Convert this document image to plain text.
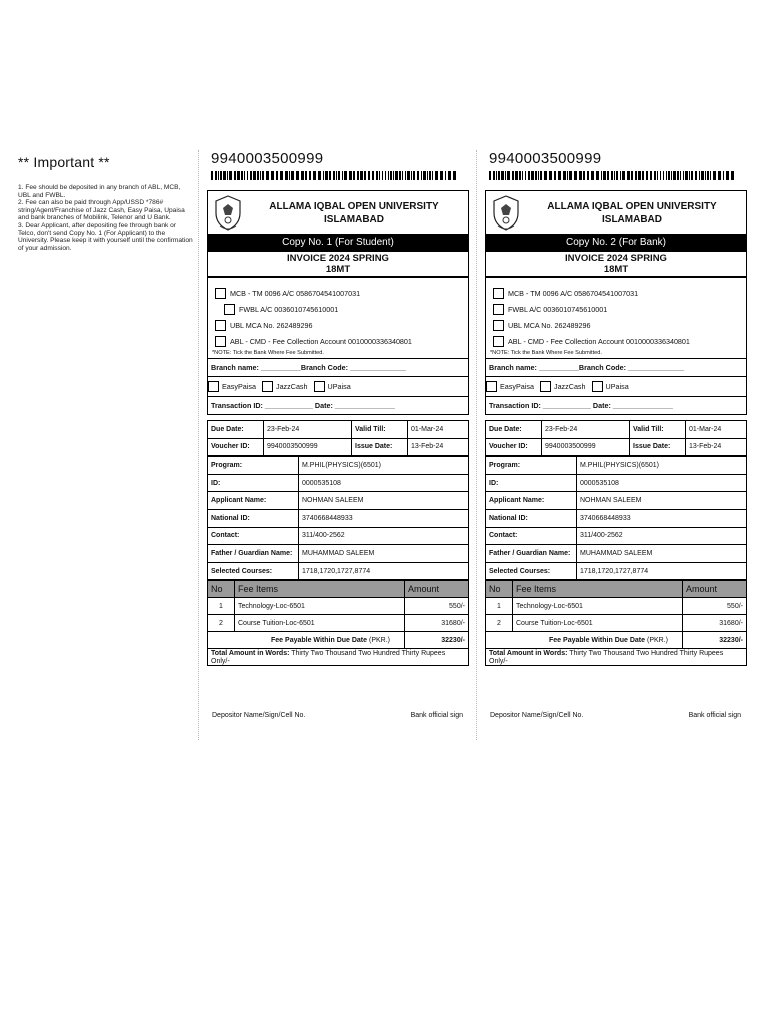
** Important **

1. Fee should be deposited in any branch of ABL, MCB, UBL and FWBL.

2. Fee can also be paid through App/USSD *786# string/Agent/Franchise of Jazz Cash, Easy Paisa, Upaisa and bank branches of Mobilink, Telenor and U Bank.

3. Dear Applicant, after depositing fee through bank or Telco, don't send Copy No. 1 (For Applicant) to the University. Please keep it with yourself until the confirmation of your admission.

9940003500999
ALLAMA IQBAL OPEN UNIVERSITY
ISLAMABAD
Copy No. 1 (For Student)
INVOICE 2024 SPRING
18MT
MCB - TM 0096 A/C 0586704541007031
FWBL A/C 0036010745610001
UBL MCA No. 262489296
ABL - CMD - Fee Collection Account 0010000336340801
*NOTE: Tick the Bank Where Fee Submitted.
Branch name: __________Branch Code: ______________
EasyPaisa	JazzCash	UPaisa
Transaction ID: ____________ Date: _______________
Due Date:	23-Feb-24	Valid Till:	01-Mar-24
Voucher ID:	9940003500999	Issue Date:	13-Feb-24
Program:	M.PHIL(PHYSICS)(6501)
ID:	0000535108
Applicant Name:	NOHMAN SALEEM
National ID:	3740668448933
Contact:	311/400-2562
Father / Guardian Name:	MUHAMMAD SALEEM
Selected Courses:	1718,1720,1727,8774
No	Fee Items	Amount
1	Technology-Loc-6501	550/-
2	Course Tuition-Loc-6501	31680/-
Fee Payable Within Due Date (PKR.)		32230/-
Total Amount in Words: Thirty Two Thousand Two Hundred Thirty Rupees Only/-
Depositor Name/Sign/Cell No.	Bank official sign
9940003500999
ALLAMA IQBAL OPEN UNIVERSITY
ISLAMABAD
Copy No. 2 (For Bank)
INVOICE 2024 SPRING
18MT
MCB - TM 0096 A/C 0586704541007031
FWBL A/C 0036010745610001
UBL MCA No. 262489296
ABL - CMD - Fee Collection Account 0010000336340801
*NOTE: Tick the Bank Where Fee Submitted.
Branch name: __________Branch Code: ______________
EasyPaisa	JazzCash	UPaisa
Transaction ID: ____________ Date: _______________
Due Date:	23-Feb-24	Valid Till:	01-Mar-24
Voucher ID:	9940003500999	Issue Date:	13-Feb-24
Program:	M.PHIL(PHYSICS)(6501)
ID:	0000535108
Applicant Name:	NOHMAN SALEEM
National ID:	3740668448933
Contact:	311/400-2562
Father / Guardian Name:	MUHAMMAD SALEEM
Selected Courses:	1718,1720,1727,8774
No	Fee Items	Amount
1	Technology-Loc-6501	550/-
2	Course Tuition-Loc-6501	31680/-
Fee Payable Within Due Date (PKR.)		32230/-
Total Amount in Words: Thirty Two Thousand Two Hundred Thirty Rupees Only/-
Depositor Name/Sign/Cell No.	Bank official sign
